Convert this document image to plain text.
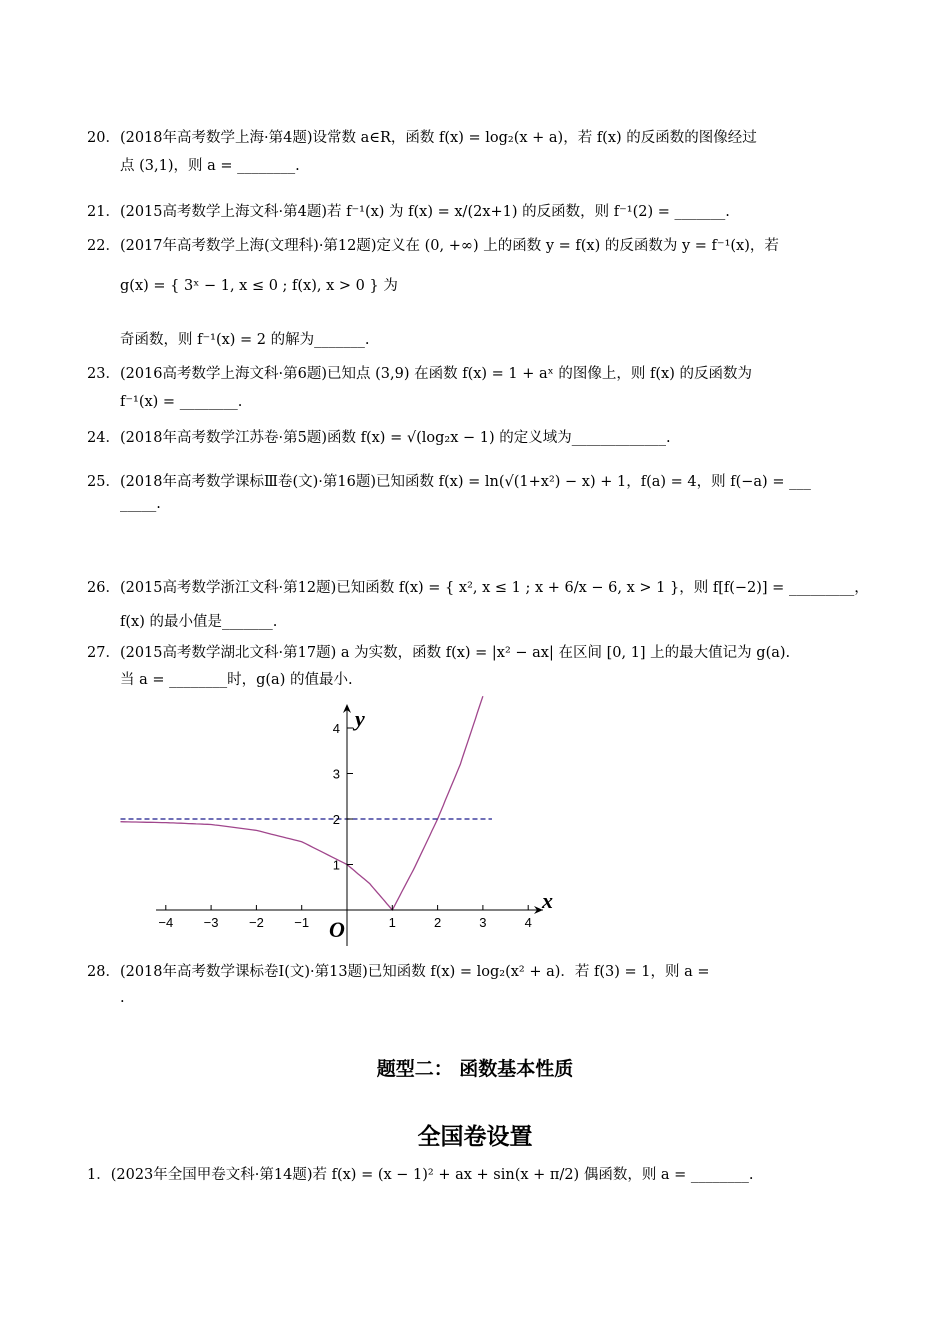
20．(2018年高考数学上海·第4题)设常数 a∈R，函数 f(x) = log₂(x + a)，若 f(x) 的反函数的图像经过
点 (3,1)，则 a = ________.
21．(2015高考数学上海文科·第4题)若 f⁻¹(x) 为 f(x) = x/(2x+1) 的反函数，则 f⁻¹(2) = _______.
22．(2017年高考数学上海(文理科)·第12题)定义在 (0, +∞) 上的函数 y = f(x) 的反函数为 y = f⁻¹(x)，若
g(x) = { 3ˣ − 1, x ≤ 0 ; f(x), x > 0 } 为
奇函数，则 f⁻¹(x) = 2 的解为_______.
23．(2016高考数学上海文科·第6题)已知点 (3,9) 在函数 f(x) = 1 + aˣ 的图像上，则 f(x) 的反函数为
f⁻¹(x) = ________.
24．(2018年高考数学江苏卷·第5题)函数 f(x) = √(log₂x − 1) 的定义域为_____________.
25．(2018年高考数学课标Ⅲ卷(文)·第16题)已知函数 f(x) = ln(√(1+x²) − x) + 1，f(a) = 4，则 f(−a) = ___
_____.
26．(2015高考数学浙江文科·第12题)已知函数 f(x) = { x², x ≤ 1 ; x + 6/x − 6, x > 1 }，则 f[f(−2)] = _________，
f(x) 的最小值是_______.
27．(2015高考数学湖北文科·第17题) a 为实数，函数 f(x) = |x² − ax| 在区间 [0, 1] 上的最大值记为 g(a).
当 a = ________时，g(a) 的值最小.
−4 −3 −2 −1	1	2	3	4
1
2
3
4
x
y
O
28．(2018年高考数学课标卷Ⅰ(文)·第13题)已知函数 f(x) = log₂(x² + a)．若 f(3) = 1，则 a =
.
题型二： 函数基本性质
全国卷设置
1．(2023年全国甲卷文科·第14题)若 f(x) = (x − 1)² + ax + sin(x + π/2) 偶函数，则 a = ________.
